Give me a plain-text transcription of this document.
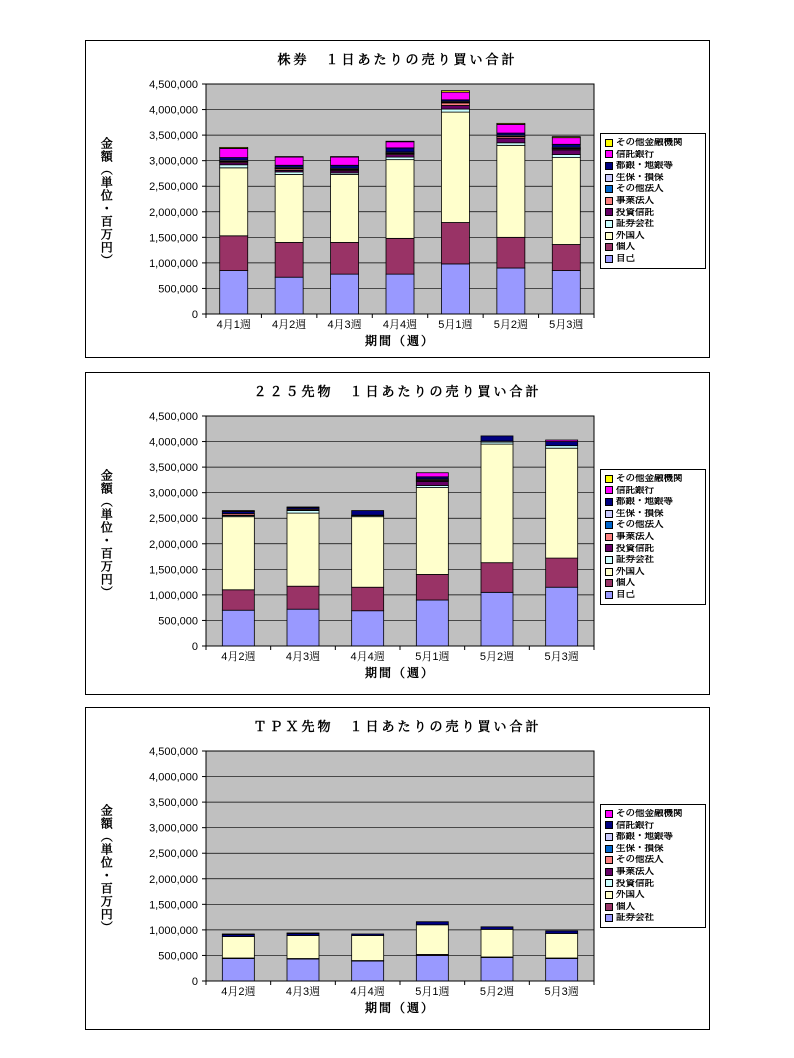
株券　１日あたりの売り買い合計
金額（単位・百万円）
4,500,000
4,000,000
3,500,000
3,000,000
2,500,000
2,000,000
1,500,000
1,000,000
500,000
0
4月1週 4月2週 4月3週 4月4週 5月1週 5月2週 5月3週
期間（週）
その他金融機関
信託銀行
都銀・地銀等
生保・損保
その他法人
事業法人
投資信託
証券会社
外国人
個人
自己
２２５先物　１日あたりの売り買い合計
金額（単位・百万円）
4,500,000
4,000,000
3,500,000
3,000,000
2,500,000
2,000,000
1,500,000
1,000,000
500,000
0
4月2週	4月3週	4月4週	5月1週	5月2週	5月3週
期間（週）
その他金融機関
信託銀行
都銀・地銀等
生保・損保
その他法人
事業法人
投資信託
証券会社
外国人
個人
自己
ＴＰＸ先物　１日あたりの売り買い合計
金額（単位・百万円）
4,500,000
4,000,000
3,500,000
3,000,000
2,500,000
2,000,000
1,500,000
1,000,000
500,000
0
4月2週	4月3週	4月4週	5月1週	5月2週	5月3週
期間（週）
その他金融機関
信託銀行
都銀・地銀等
生保・損保
その他法人
事業法人
投資信託
外国人
個人
証券会社
